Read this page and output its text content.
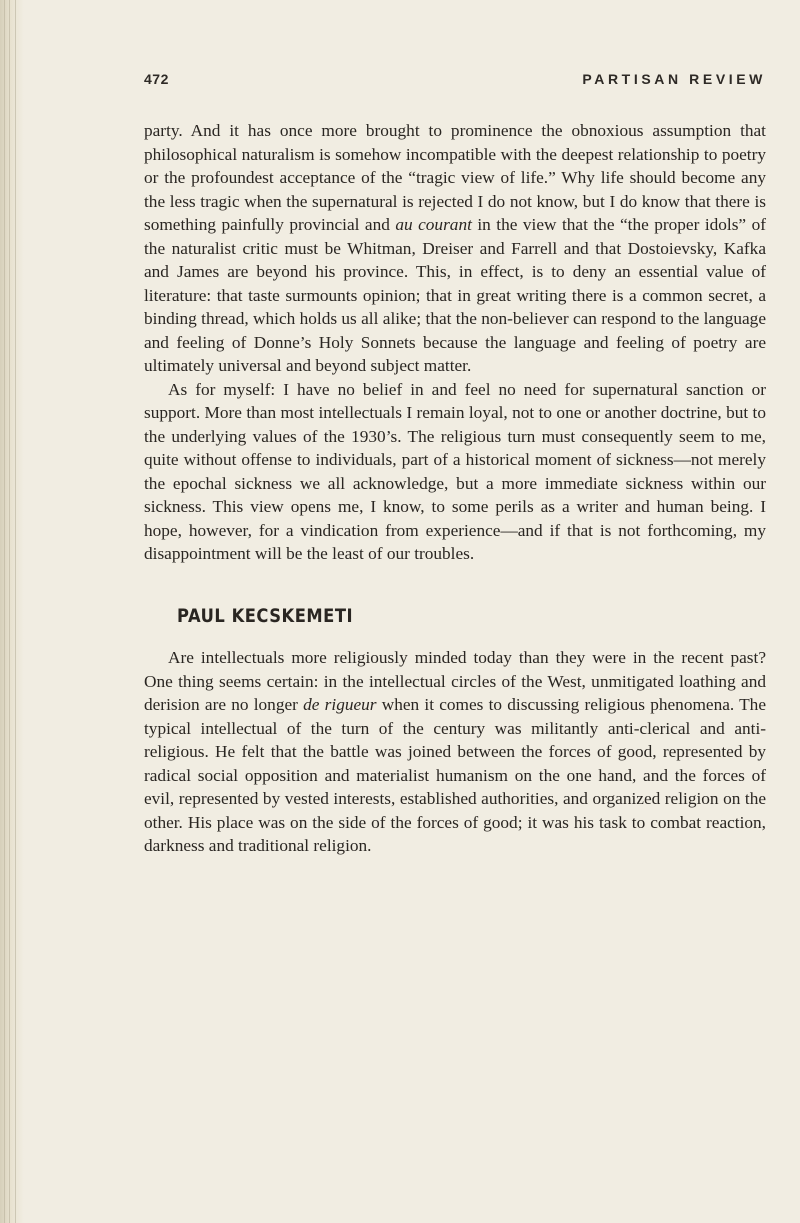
472	PARTISAN REVIEW

party. And it has once more brought to prominence the obnoxious assumption that philosophical naturalism is somehow incompatible with the deepest relationship to poetry or the profoundest acceptance of the “tragic view of life.” Why life should become any the less tragic when the supernatural is rejected I do not know, but I do know that there is something painfully provincial and au courant in the view that the “the proper idols” of the naturalist critic must be Whitman, Dreiser and Farrell and that Dostoievsky, Kafka and James are beyond his province. This, in effect, is to deny an essential value of literature: that taste surmounts opinion; that in great writing there is a common secret, a binding thread, which holds us all alike; that the non-believer can respond to the language and feeling of Donne’s Holy Sonnets because the language and feeling of poetry are ultimately universal and beyond subject matter.

As for myself: I have no belief in and feel no need for supernatural sanction or support. More than most intellectuals I remain loyal, not to one or another doctrine, but to the underlying values of the 1930’s. The religious turn must consequently seem to me, quite without offense to individuals, part of a historical moment of sickness—not merely the epochal sickness we all acknowledge, but a more immediate sickness within our sickness. This view opens me, I know, to some perils as a writer and human being. I hope, however, for a vindication from experience—and if that is not forthcoming, my disappointment will be the least of our troubles.

PAUL KECSKEMETI

Are intellectuals more religiously minded today than they were in the recent past? One thing seems certain: in the intellectual circles of the West, unmitigated loathing and derision are no longer de rigueur when it comes to discussing religious phenomena. The typical intellectual of the turn of the century was militantly anti-clerical and anti-religious. He felt that the battle was joined between the forces of good, represented by radical social opposition and materialist humanism on the one hand, and the forces of evil, represented by vested interests, established authorities, and organized religion on the other. His place was on the side of the forces of good; it was his task to combat reaction, darkness and traditional religion.
